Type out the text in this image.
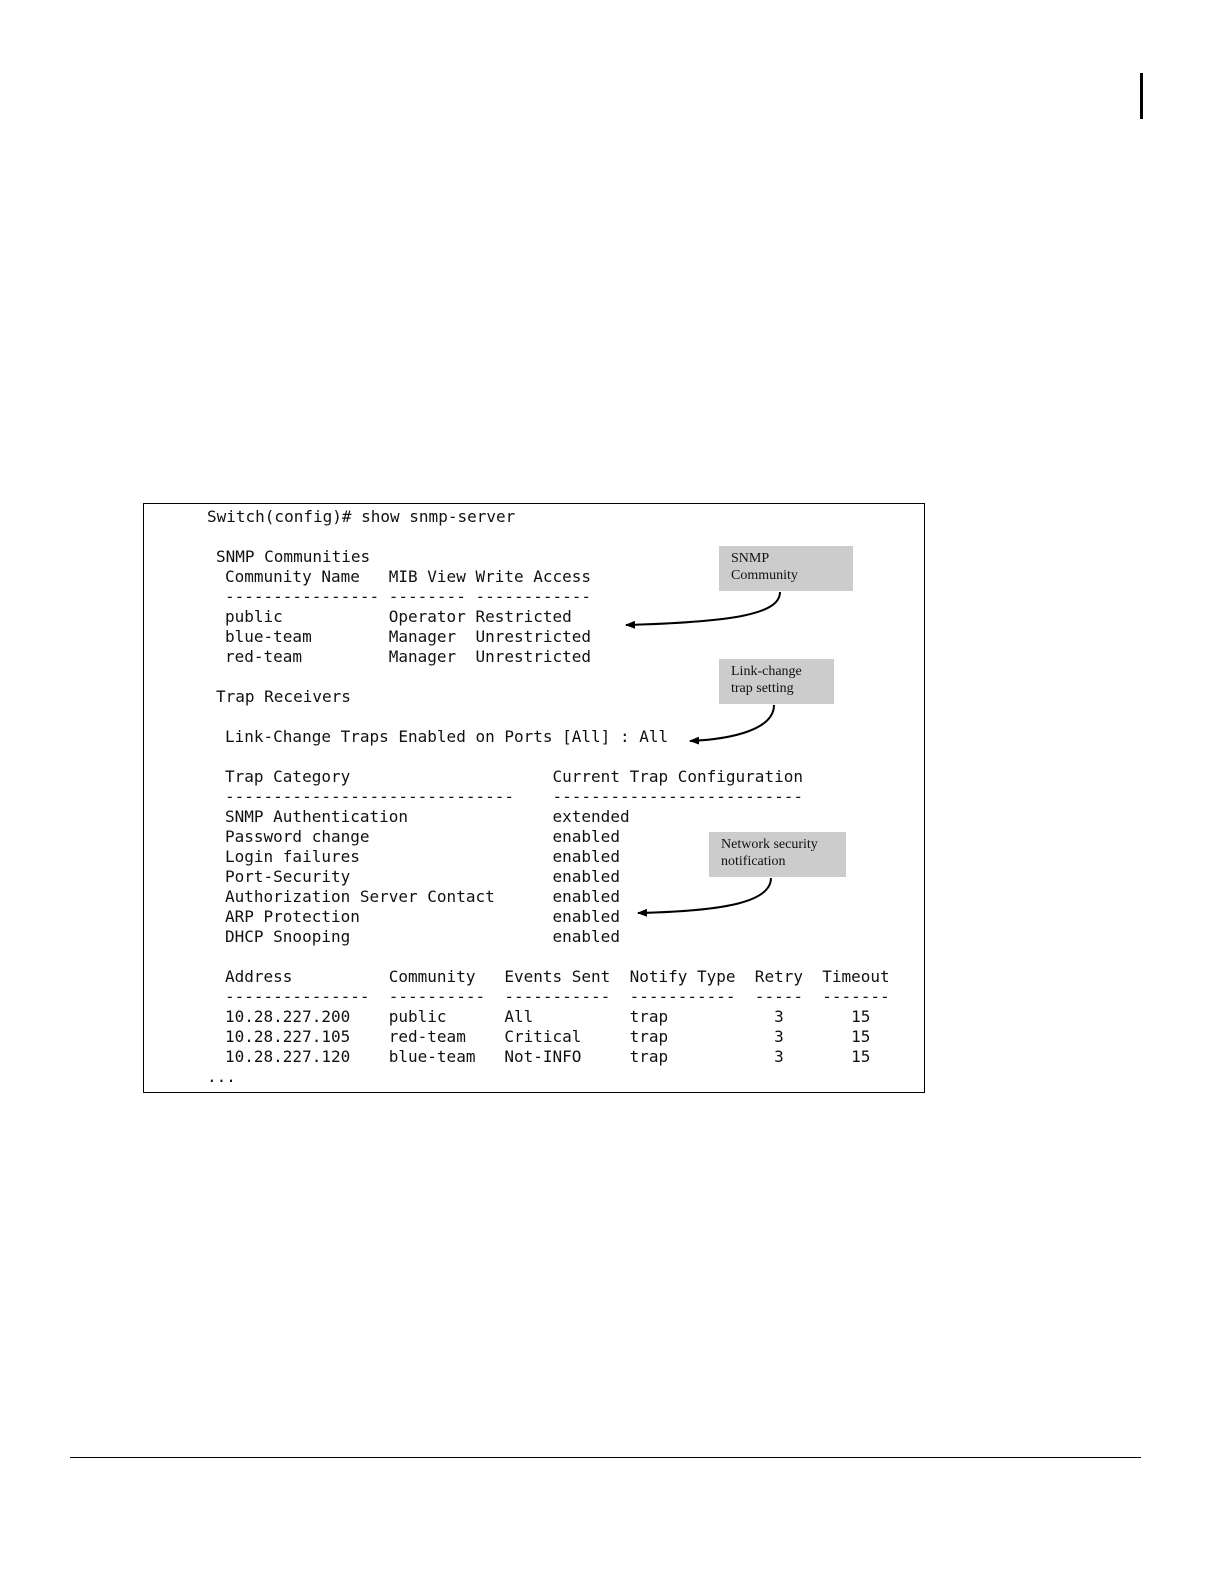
Switch(config)# show snmp-server
SNMP Communities
Community Name   MIB View Write Access
---------------- -------- ------------
public           Operator Restricted
blue-team        Manager  Unrestricted
red-team         Manager  Unrestricted
Trap Receivers
Link-Change Traps Enabled on Ports [All] : All
Trap Category                     Current Trap Configuration
------------------------------    --------------------------
SNMP Authentication               extended
Password change                   enabled
Login failures                    enabled
Port-Security                     enabled
Authorization Server Contact      enabled
ARP Protection                    enabled
DHCP Snooping                     enabled
Address          Community   Events Sent  Notify Type  Retry  Timeout
---------------  ----------  -----------  -----------  -----  -------
10.28.227.200    public      All          trap           3       15
10.28.227.105    red-team    Critical     trap           3       15
10.28.227.120    blue-team   Not-INFO     trap           3       15
...
SNMP
Community
Link-change
trap setting
Network security
notification
